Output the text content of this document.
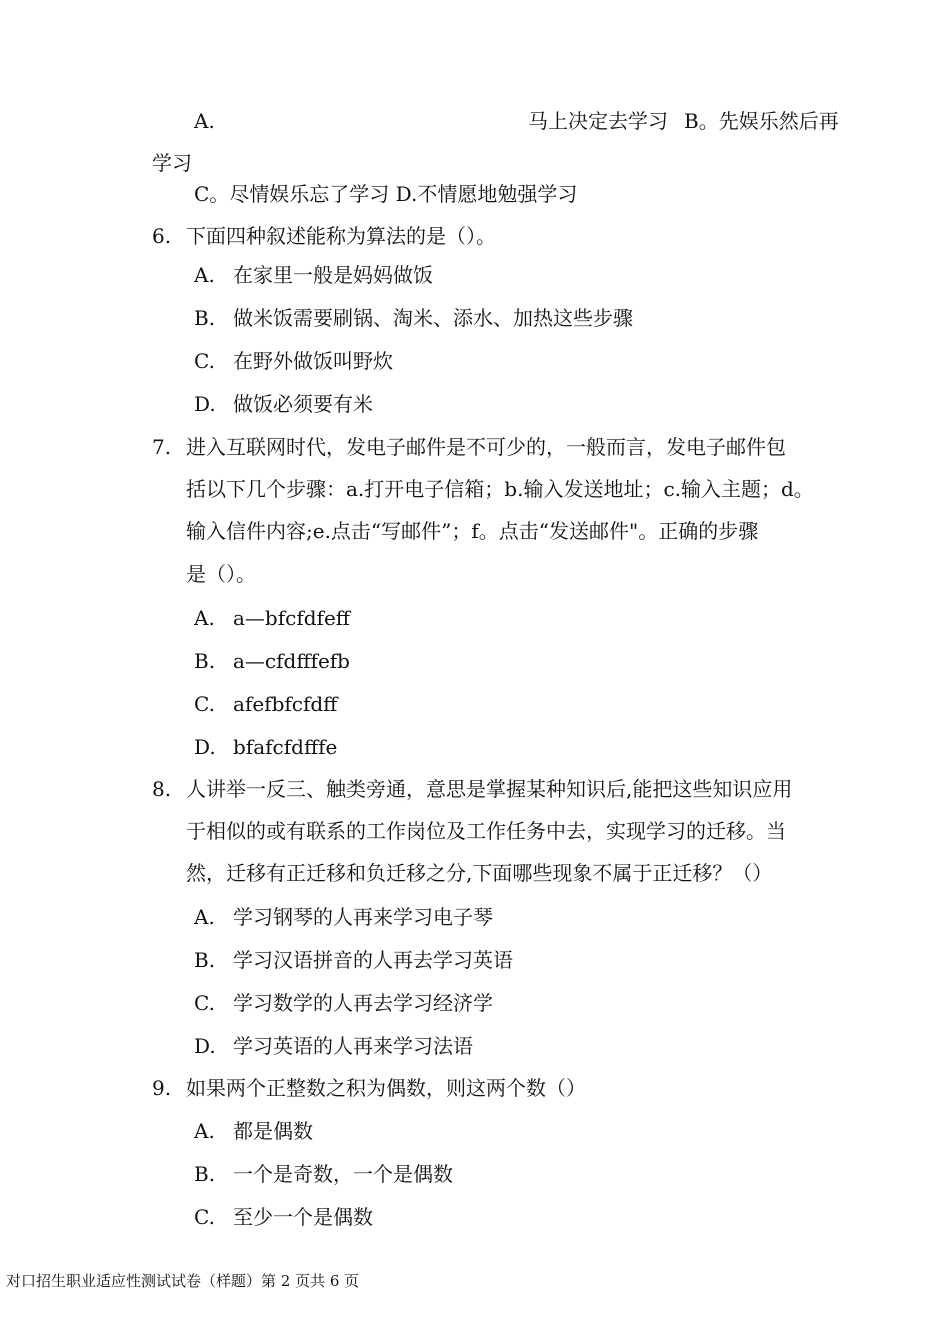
A.	马上决定去学习 B。先娱乐然后再
学习
C。尽情娱乐忘了学习 D.不情愿地勉强学习
6. 下面四种叙述能称为算法的是（）。
A. 在家里一般是妈妈做饭
B. 做米饭需要刷锅、淘米、添水、加热这些步骤
C. 在野外做饭叫野炊
D. 做饭必须要有米
7. 进入互联网时代，发电子邮件是不可少的，一般而言，发电子邮件包
括以下几个步骤：a.打开电子信箱；b.输入发送地址；c.输入主题；d。
输入信件内容;e.点击“写邮件”；f。点击“发送邮件"。正确的步骤
是（）。
A. a—bfcfdfeff
B. a—cfdfffefb
C. afefbfcfdff
D. bfafcfdfffe
8. 人讲举一反三、触类旁通，意思是掌握某种知识后,能把这些知识应用
于相似的或有联系的工作岗位及工作任务中去，实现学习的迁移。当
然，迁移有正迁移和负迁移之分,下面哪些现象不属于正迁移？（）
A. 学习钢琴的人再来学习电子琴
B. 学习汉语拼音的人再去学习英语
C. 学习数学的人再去学习经济学
D. 学习英语的人再来学习法语
9. 如果两个正整数之积为偶数，则这两个数（）
A. 都是偶数
B. 一个是奇数，一个是偶数
C. 至少一个是偶数
对口招生职业适应性测试试卷（样题）第 2 页共 6 页
